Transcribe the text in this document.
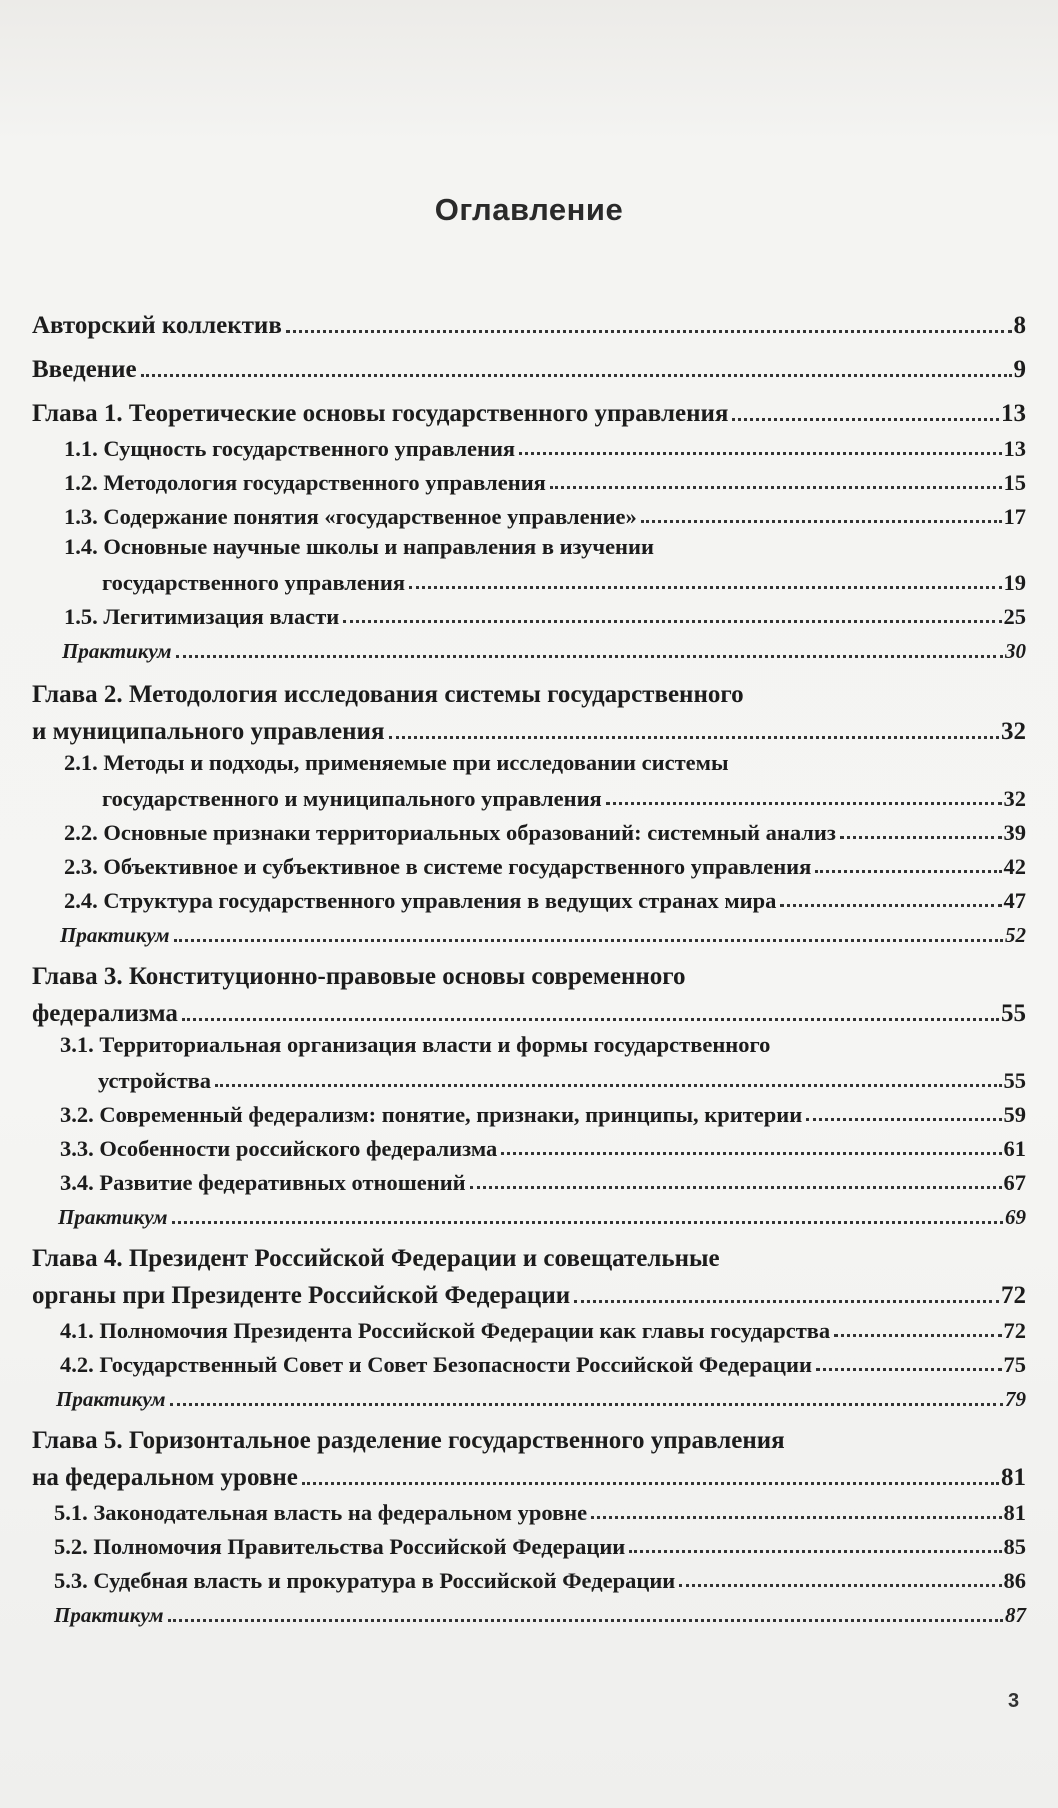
Оглавление
Авторский коллектив	8
Введение	9
Глава 1. Теоретические основы государственного управления	13
1.1. Сущность государственного управления	13
1.2. Методология государственного управления	15
1.3. Содержание понятия «государственное управление»	17
1.4. Основные научные школы и направления в изучении
государственного управления	19
1.5. Легитимизация власти	25
Практикум	30
Глава 2. Методология исследования системы государственного
и муниципального управления	32
2.1. Методы и подходы, применяемые при исследовании системы
государственного и муниципального управления	32
2.2. Основные признаки территориальных образований: системный анализ	39
2.3. Объективное и субъективное в системе государственного управления	42
2.4. Структура государственного управления в ведущих странах мира	47
Практикум	52
Глава 3. Конституционно-правовые основы современного
федерализма	55
3.1. Территориальная организация власти и формы государственного
устройства	55
3.2. Современный федерализм: понятие, признаки, принципы, критерии	59
3.3. Особенности российского федерализма	61
3.4. Развитие федеративных отношений	67
Практикум	69
Глава 4. Президент Российской Федерации и совещательные
органы при Президенте Российской Федерации	72
4.1. Полномочия Президента Российской Федерации как главы государства	72
4.2. Государственный Совет и Совет Безопасности Российской Федерации	75
Практикум	79
Глава 5. Горизонтальное разделение государственного управления
на федеральном уровне	81
5.1. Законодательная власть на федеральном уровне	81
5.2. Полномочия Правительства Российской Федерации	85
5.3. Судебная власть и прокуратура в Российской Федерации	86
Практикум	87
3
